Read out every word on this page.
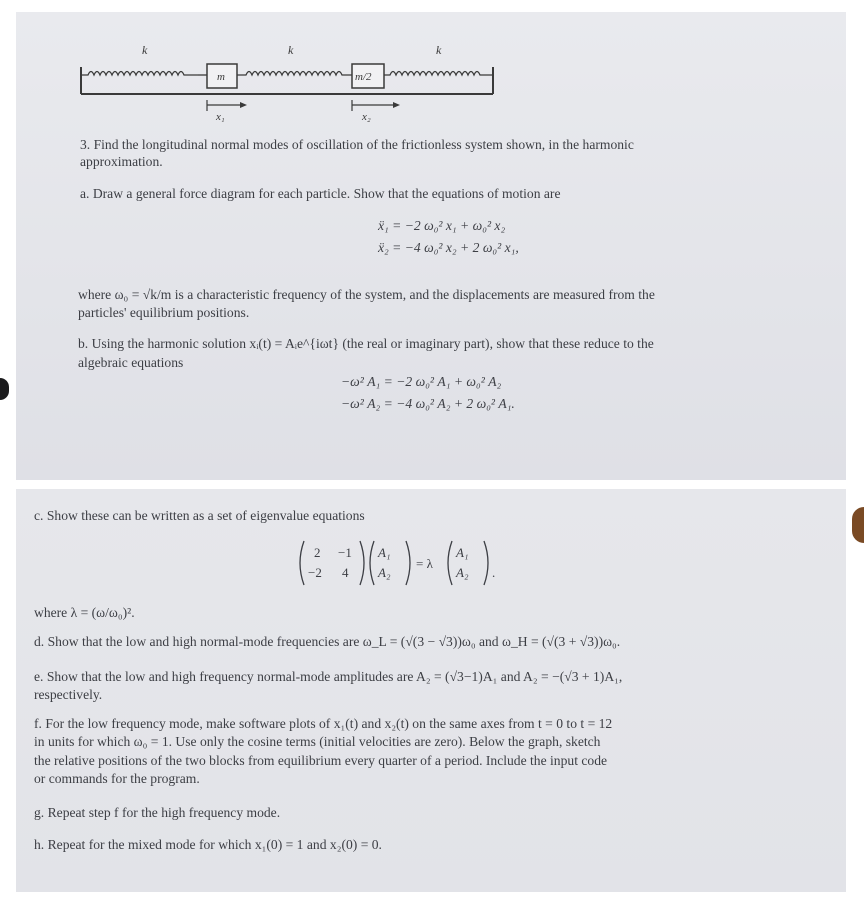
k	k	k
m	m/2
x₁	x₂
3. Find the longitudinal normal modes of oscillation of the frictionless system shown, in the harmonic
approximation.
a. Draw a general force diagram for each particle. Show that the equations of motion are
ẍ₁ = −2 ω₀² x₁ + ω₀² x₂
ẍ₂ = −4 ω₀² x₂ + 2 ω₀² x₁,
where ω₀ = √k/m is a characteristic frequency of the system, and the displacements are measured from the
particles' equilibrium positions.
b. Using the harmonic solution xᵢ(t) = Aᵢe^{iωt} (the real or imaginary part), show that these reduce to the
algebraic equations
−ω² A₁ = −2 ω₀² A₁ + ω₀² A₂
−ω² A₂ = −4 ω₀² A₂ + 2 ω₀² A₁.
c. Show these can be written as a set of eigenvalue equations
2 −1
−2 4
A₁
A₂
= λ
A₁
A₂ .
where λ = (ω/ω₀)².
d. Show that the low and high normal-mode frequencies are ω_L = (√(3 − √3))ω₀ and ω_H = (√(3 + √3))ω₀.
e. Show that the low and high frequency normal-mode amplitudes are A₂ = (√3−1)A₁ and A₂ = −(√3 + 1)A₁,
respectively.
f. For the low frequency mode, make software plots of x₁(t) and x₂(t) on the same axes from t = 0 to t = 12
in units for which ω₀ = 1. Use only the cosine terms (initial velocities are zero). Below the graph, sketch
the relative positions of the two blocks from equilibrium every quarter of a period. Include the input code
or commands for the program.
g. Repeat step f for the high frequency mode.
h. Repeat for the mixed mode for which x₁(0) = 1 and x₂(0) = 0.
